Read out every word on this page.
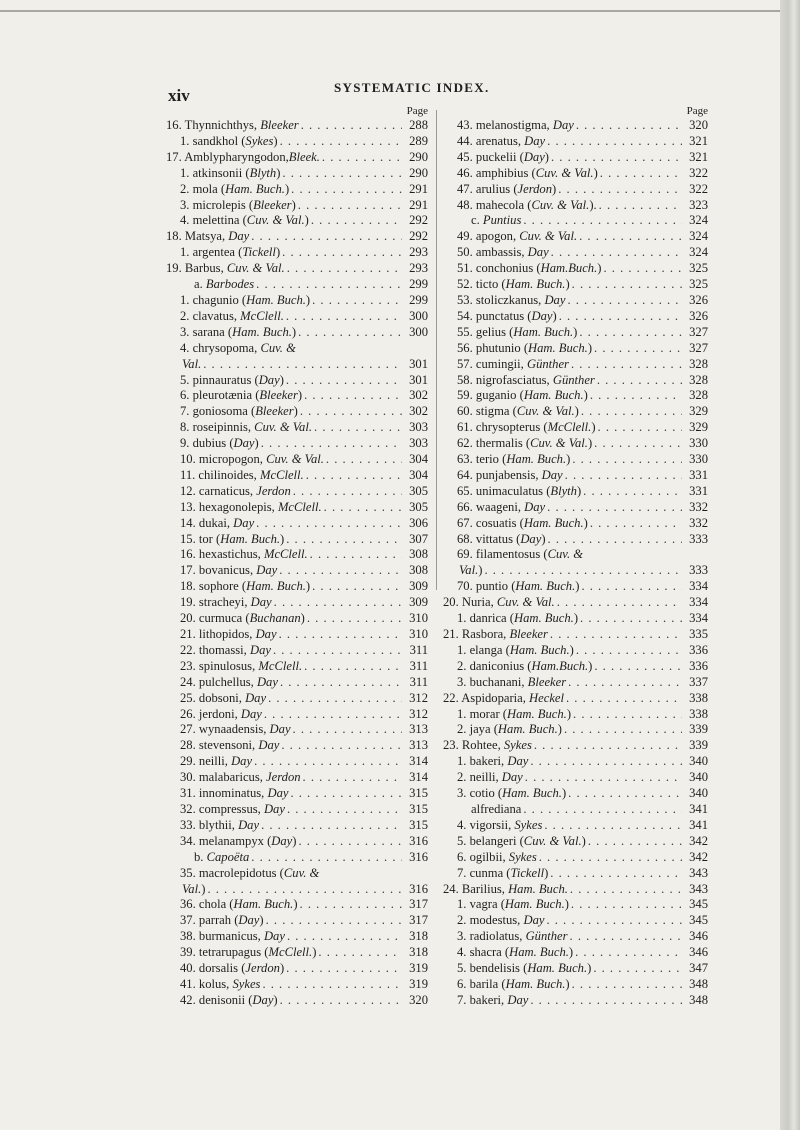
xiv	SYSTEMATIC INDEX.
Page
16. Thynnichthys, Bleeker . . .	288
1. sandkhol (Sykes) . . .	289
17. Amblypharyngodon,Bleek. . . .	290
1. atkinsonii (Blyth) . . .	290
2. mola (Ham. Buch.) . . .	291
3. microlepis (Bleeker) . . .	291
4. melettina (Cuv. & Val.) . . .	292
18. Matsya, Day . . .	292
1. argentea (Tickell) . . .	293
19. Barbus, Cuv. & Val. . . .	293
a. Barbodes . . .	299
1. chagunio (Ham. Buch.) . . .	299
2. clavatus, McClell. . . .	300
3. sarana (Ham. Buch.) . . .	300
4. chrysopoma, Cuv. &
Val. . . .	301
5. pinnauratus (Day) . . .	301
6. pleurotænia (Bleeker) . . .	302
7. goniosoma (Bleeker) . . .	302
8. roseipinnis, Cuv. & Val. . . .	303
9. dubius (Day) . . .	303
10. micropogon, Cuv. & Val. . . .	304
11. chilinoides, McClell. . . .	304
12. carnaticus, Jerdon . . .	305
13. hexagonolepis, McClell. . . .	305
14. dukai, Day . . .	306
15. tor (Ham. Buch.) . . .	307
16. hexastichus, McClell. . . .	308
17. bovanicus, Day . . .	308
18. sophore (Ham. Buch.) . . .	309
19. stracheyi, Day . . .	309
20. curmuca (Buchanan) . . .	310
21. lithopidos, Day . . .	310
22. thomassi, Day . . .	311
23. spinulosus, McClell. . . .	311
24. pulchellus, Day . . .	311
25. dobsoni, Day . . .	312
26. jerdoni, Day . . .	312
27. wynaadensis, Day . . .	313
28. stevensoni, Day . . .	313
29. neilli, Day . . .	314
30. malabaricus, Jerdon . . .	314
31. innominatus, Day . . .	315
32. compressus, Day . . .	315
33. blythii, Day . . .	315
34. melanampyx (Day) . . .	316
b. Capoëta . . .	316
35. macrolepidotus (Cuv. &
Val.) . . .	316
36. chola (Ham. Buch.) . . .	317
37. parrah (Day) . . .	317
38. burmanicus, Day . . .	318
39. tetrarupagus (McClell.) . . .	318
40. dorsalis (Jerdon) . . .	319
41. kolus, Sykes . . .	319
42. denisonii (Day) . . .	320
Page
43. melanostigma, Day . . .	320
44. arenatus, Day . . .	321
45. puckelii (Day) . . .	321
46. amphibius (Cuv. & Val.) . . .	322
47. arulius (Jerdon) . . .	322
48. mahecola (Cuv. & Val.). . . .	323
c. Puntius . . .	324
49. apogon, Cuv. & Val. . . .	324
50. ambassis, Day . . .	324
51. conchonius (Ham.Buch.) . . .	325
52. ticto (Ham. Buch.) . . .	325
53. stoliczkanus, Day . . .	326
54. punctatus (Day) . . .	326
55. gelius (Ham. Buch.) . . .	327
56. phutunio (Ham. Buch.) . . .	327
57. cumingii, Günther . . .	328
58. nigrofasciatus, Günther . . .	328
59. guganio (Ham. Buch.) . . .	328
60. stigma (Cuv. & Val.) . . .	329
61. chrysopterus (McClell.) . . .	329
62. thermalis (Cuv. & Val.) . . .	330
63. terio (Ham. Buch.) . . .	330
64. punjabensis, Day . . .	331
65. unimaculatus (Blyth) . . .	331
66. waageni, Day . . .	332
67. cosuatis (Ham. Buch.) . . .	332
68. vittatus (Day) . . .	333
69. filamentosus (Cuv. &
Val.) . . .	333
70. puntio (Ham. Buch.) . . .	334
20. Nuria, Cuv. & Val. . . .	334
1. danrica (Ham. Buch.) . . .	334
21. Rasbora, Bleeker . . .	335
1. elanga (Ham. Buch.) . . .	336
2. daniconius (Ham.Buch.) . . .	336
3. buchanani, Bleeker . . .	337
22. Aspidoparia, Heckel . . .	338
1. morar (Ham. Buch.) . . .	338
2. jaya (Ham. Buch.) . . .	339
23. Rohtee, Sykes . . .	339
1. bakeri, Day . . .	340
2. neilli, Day . . .	340
3. cotio (Ham. Buch.) . . .	340
alfrediana . . .	341
4. vigorsii, Sykes . . .	341
5. belangeri (Cuv. & Val.) . . .	342
6. ogilbii, Sykes . . .	342
7. cunma (Tickell) . . .	343
24. Barilius, Ham. Buch. . . .	343
1. vagra (Ham. Buch.) . . .	345
2. modestus, Day . . .	345
3. radiolatus, Günther . . .	346
4. shacra (Ham. Buch.) . . .	346
5. bendelisis (Ham. Buch.) . . .	347
6. barila (Ham. Buch.) . . .	348
7. bakeri, Day . . .	348
